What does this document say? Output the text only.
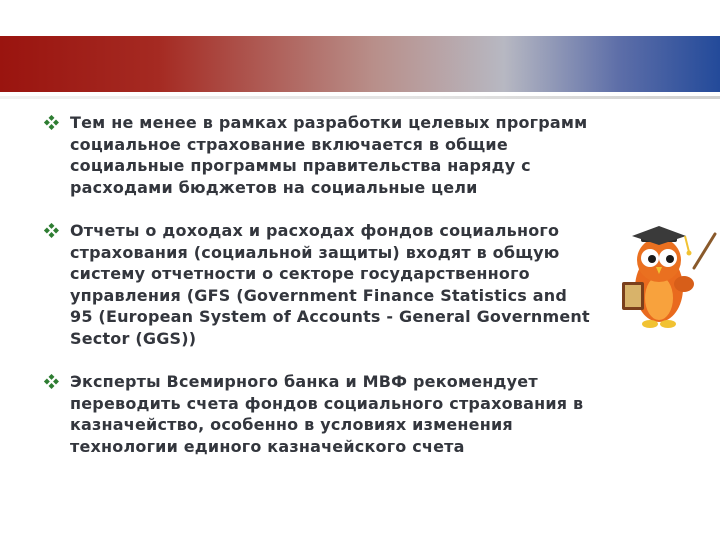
Тем не менее в рамках разработки целевых программ
социальное страхование включается в общие
социальные программы правительства наряду с
расходами бюджетов на социальные цели
Отчеты о доходах и расходах фондов социального
страхования (социальной защиты) входят в общую
систему отчетности о секторе государственного
управления (GFS (Government Finance Statistics and
95 (European System of Accounts - General Government
Sector (GGS))
Эксперты Всемирного банка и МВФ рекомендует
переводить счета фондов социального страхования в
казначейство, особенно в условиях изменения
технологии единого казначейского счета
